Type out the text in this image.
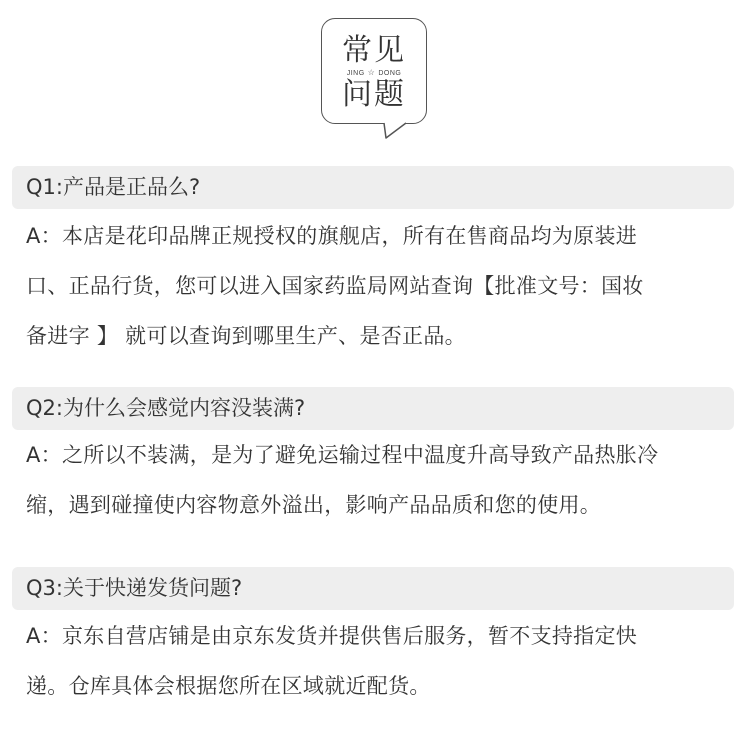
常见
JING ☆ DONG
问题
Q1:产品是正品么?
A：本店是花印品牌正规授权的旗舰店，所有在售商品均为原装进
口、正品行货，您可以进入国家药监局网站查询【批准文号：国妆
备进字 】 就可以查询到哪里生产、是否正品。
Q2:为什么会感觉内容没装满?
A：之所以不装满，是为了避免运输过程中温度升高导致产品热胀冷
缩，遇到碰撞使内容物意外溢出，影响产品品质和您的使用。
Q3:关于快递发货问题?
A：京东自营店铺是由京东发货并提供售后服务，暂不支持指定快
递。仓库具体会根据您所在区域就近配货。
